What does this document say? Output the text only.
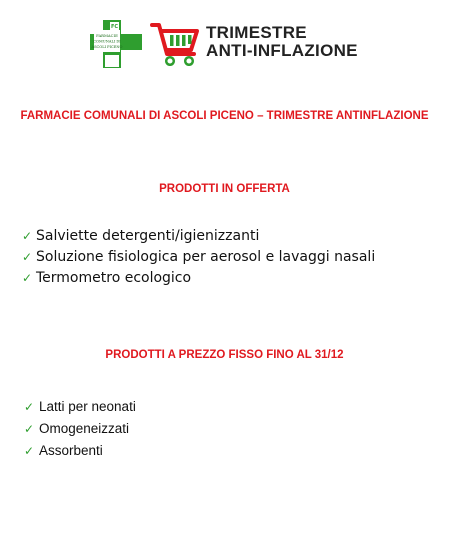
FC
FARMACIE
COMUNALI DI
ASCOLI PICENO
TRIMESTRE
ANTI-INFLAZIONE
FARMACIE COMUNALI DI ASCOLI PICENO – TRIMESTRE ANTINFLAZIONE
PRODOTTI IN OFFERTA
✓ Salviette detergenti/igienizzanti
✓ Soluzione fisiologica per aerosol e lavaggi nasali
✓ Termometro ecologico
PRODOTTI A PREZZO FISSO FINO AL 31/12
✓ Latti per neonati
✓ Omogeneizzati
✓ Assorbenti
